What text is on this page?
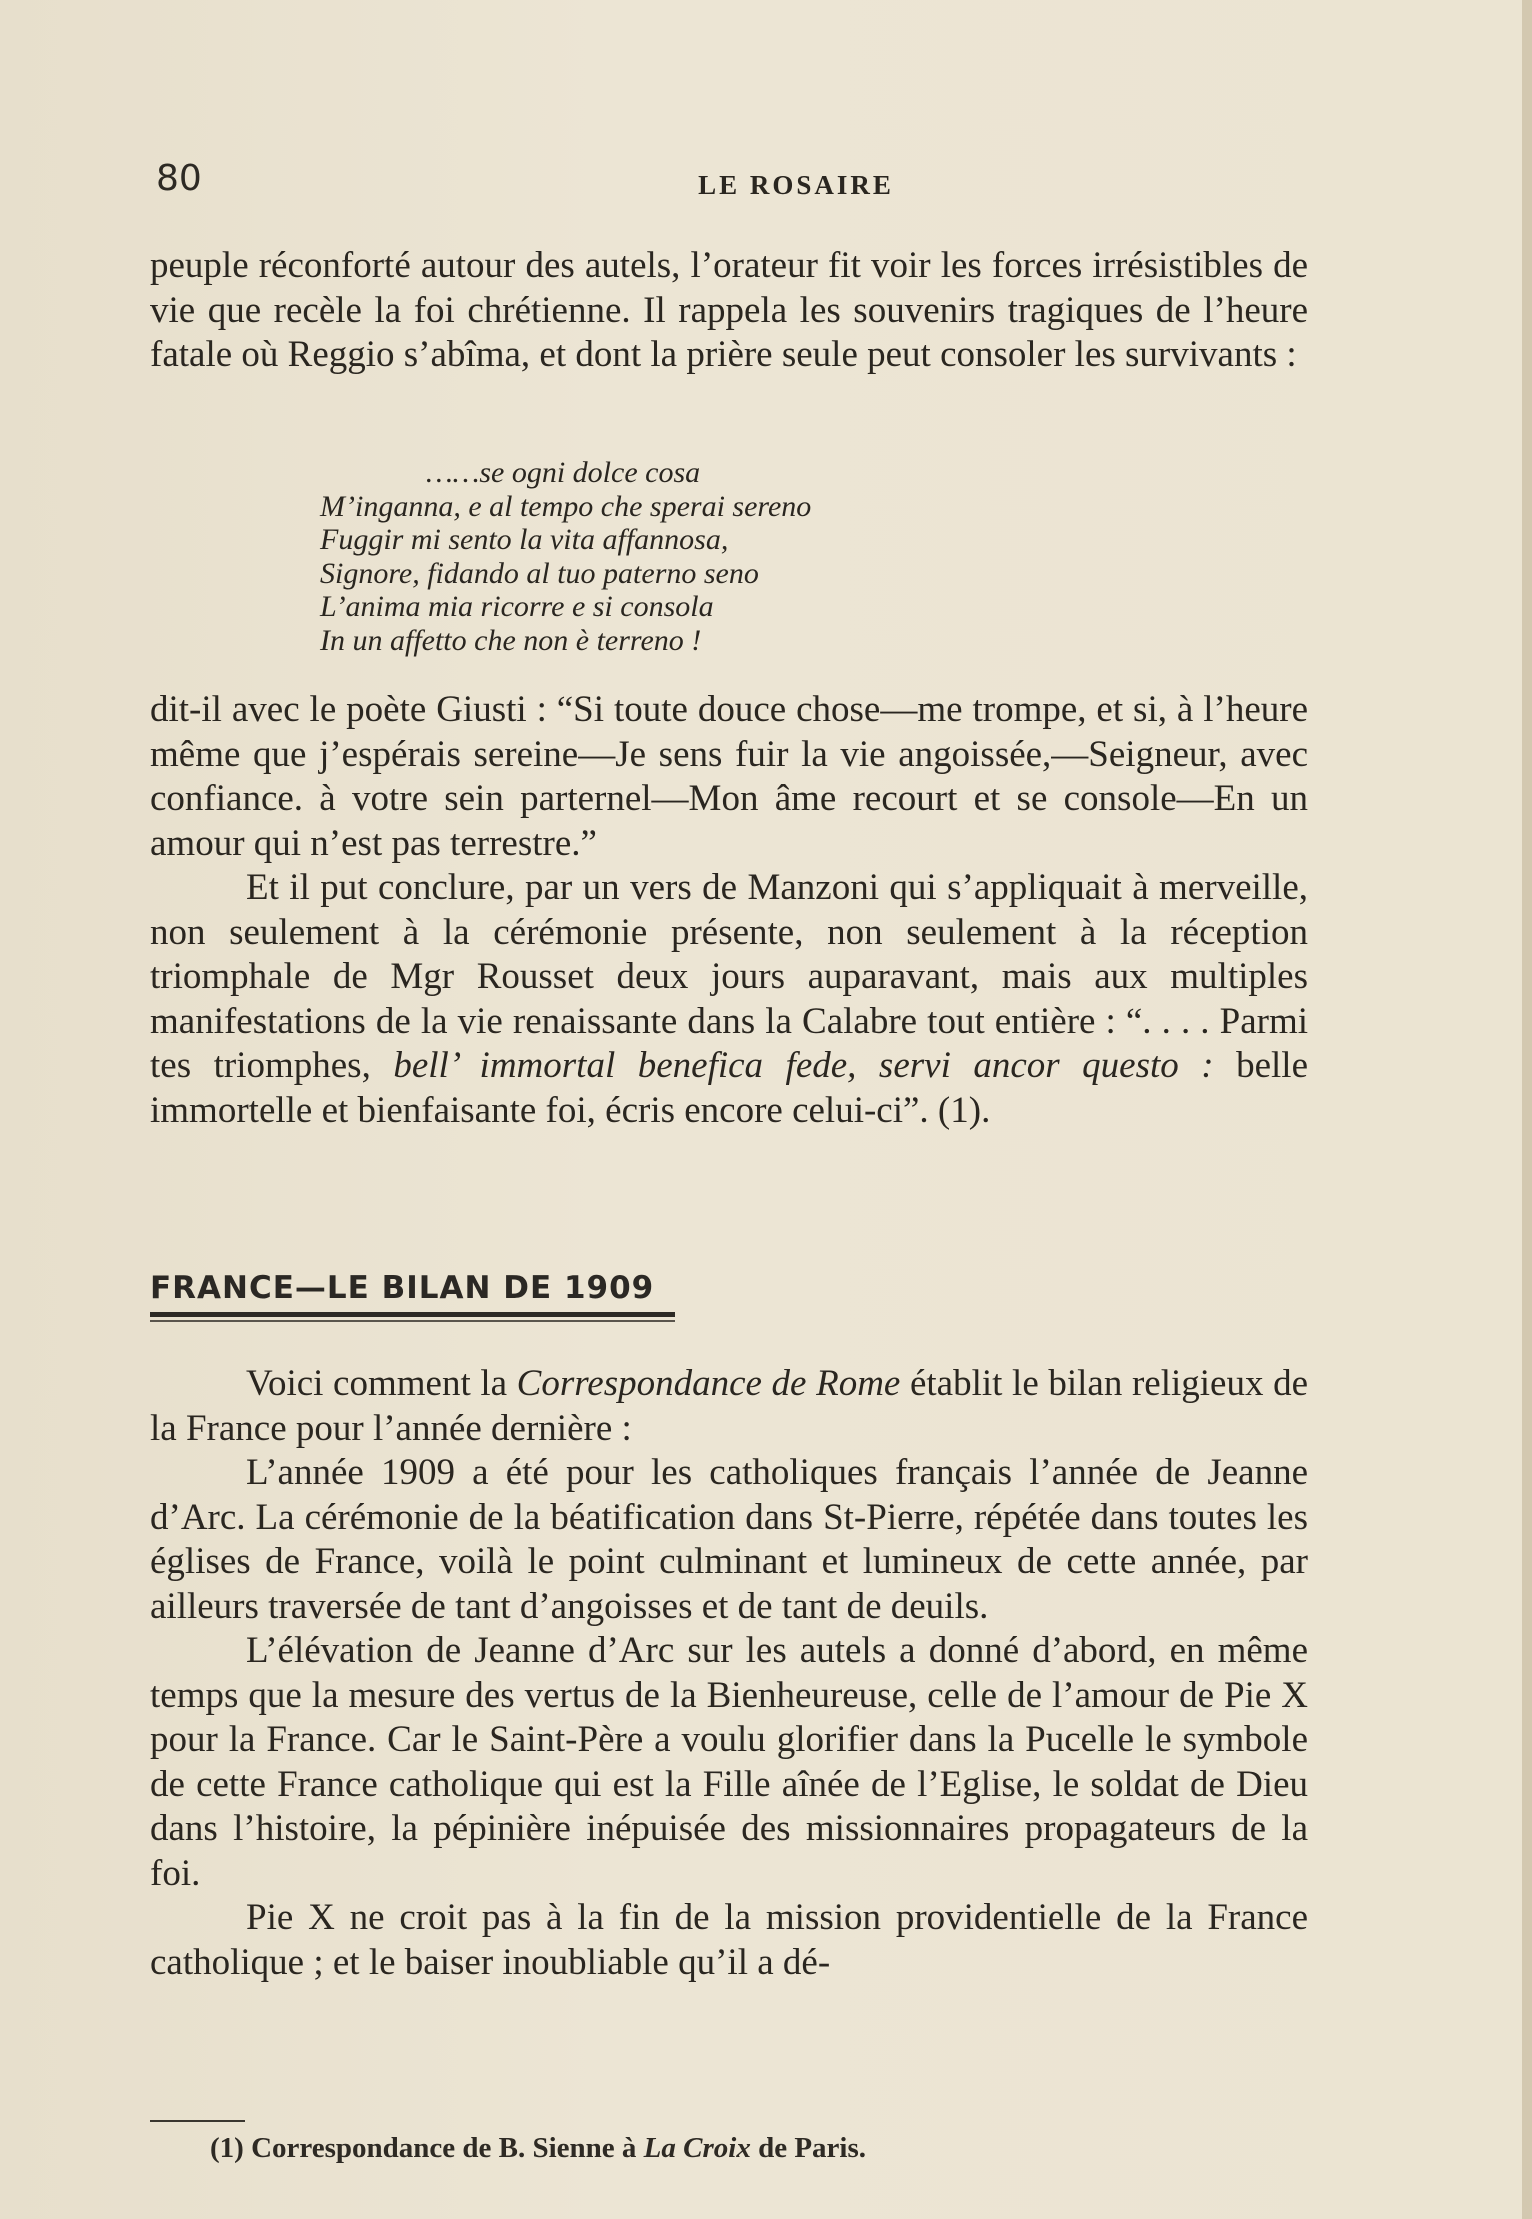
80	LE ROSAIRE

peuple réconforté autour des autels, l’orateur fit voir les forces irrésistibles de vie que recèle la foi chrétienne. Il rappela les souvenirs tragiques de l’heure fatale où Reggio s’abîma, et dont la prière seule peut consoler les survivants :

……se ogni dolce cosa
M’inganna, e al tempo che sperai sereno
Fuggir mi sento la vita affannosa,
Signore, fidando al tuo paterno seno
L’anima mia ricorre e si consola
In un affetto che non è terreno !

dit-il avec le poète Giusti : “Si toute douce chose—me trompe, et si, à l’heure même que j’espérais sereine—Je sens fuir la vie angoissée,—Seigneur, avec confiance. à votre sein parternel—Mon âme recourt et se console—En un amour qui n’est pas terrestre.”

Et il put conclure, par un vers de Manzoni qui s’appliquait à merveille, non seulement à la cérémonie présente, non seulement à la réception triomphale de Mgr Rousset deux jours auparavant, mais aux multiples manifestations de la vie renaissante dans la Calabre tout entière : “. . . . Parmi tes triomphes, bell’ immortal benefica fede, servi ancor questo : belle immortelle et bienfaisante foi, écris encore celui-ci”. (1).

FRANCE—LE BILAN DE 1909

Voici comment la Correspondance de Rome établit le bilan religieux de la France pour l’année dernière :

L’année 1909 a été pour les catholiques français l’année de Jeanne d’Arc. La cérémonie de la béatification dans St-Pierre, répétée dans toutes les églises de France, voilà le point culminant et lumineux de cette année, par ailleurs traversée de tant d’angoisses et de tant de deuils.

L’élévation de Jeanne d’Arc sur les autels a donné d’abord, en même temps que la mesure des vertus de la Bienheureuse, celle de l’amour de Pie X pour la France. Car le Saint-Père a voulu glorifier dans la Pucelle le symbole de cette France catholique qui est la Fille aînée de l’Eglise, le soldat de Dieu dans l’histoire, la pépinière inépuisée des missionnaires propagateurs de la foi.

Pie X ne croit pas à la fin de la mission providentielle de la France catholique ; et le baiser inoubliable qu’il a dé-

(1) Correspondance de B. Sienne à La Croix de Paris.
